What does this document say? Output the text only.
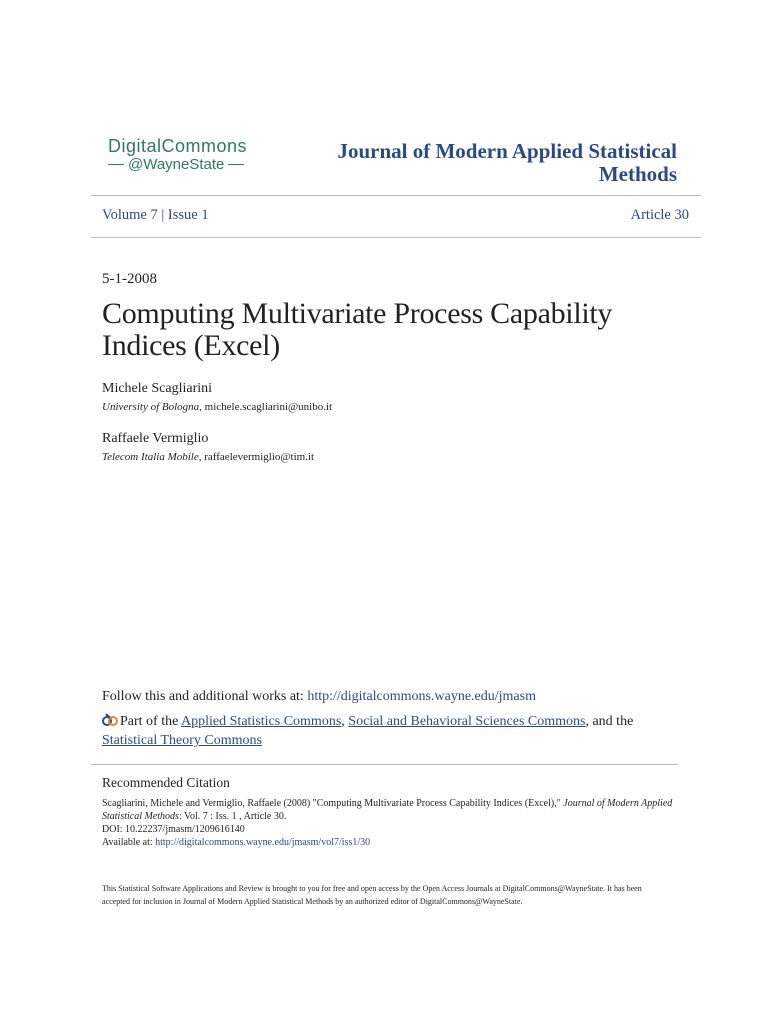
DigitalCommons
@WayneState
Journal of Modern Applied Statistical
Methods
Volume 7 | Issue 1	Article 30
5-1-2008
Computing Multivariate Process Capability Indices (Excel)
Michele Scagliarini
University of Bologna, michele.scagliarini@unibo.it
Raffaele Vermiglio
Telecom Italia Mobile, raffaelevermiglio@tim.it
Follow this and additional works at: http://digitalcommons.wayne.edu/jmasm
Part of the Applied Statistics Commons, Social and Behavioral Sciences Commons, and the
Statistical Theory Commons
Recommended Citation
Scagliarini, Michele and Vermiglio, Raffaele (2008) "Computing Multivariate Process Capability Indices (Excel)," Journal of Modern Applied Statistical Methods: Vol. 7 : Iss. 1 , Article 30.
DOI: 10.22237/jmasm/1209616140
Available at: http://digitalcommons.wayne.edu/jmasm/vol7/iss1/30
This Statistical Software Applications and Review is brought to you for free and open access by the Open Access Journals at DigitalCommons@WayneState. It has been accepted for inclusion in Journal of Modern Applied Statistical Methods by an authorized editor of DigitalCommons@WayneState.
